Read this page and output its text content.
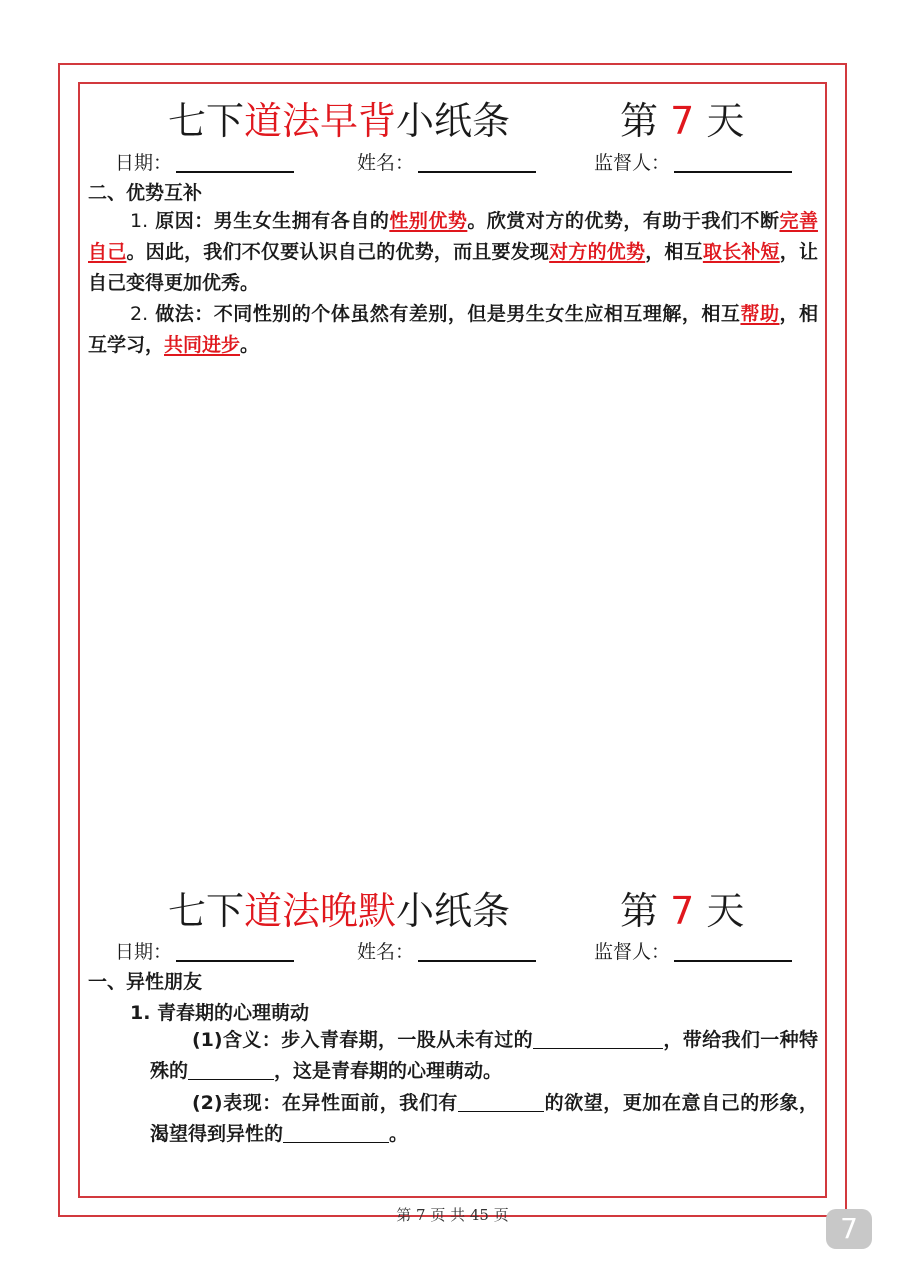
七下道法早背小纸条	第 7 天
日期：	姓名：	监督人：
二、优势互补
1. 原因：男生女生拥有各自的性别优势。欣赏对方的优势，有助于我们不断完善自己。因此，我们不仅要认识自己的优势，而且要发现对方的优势，相互取长补短，让自己变得更加优秀。
2. 做法：不同性别的个体虽然有差别，但是男生女生应相互理解，相互帮助，相互学习，共同进步。
七下道法晚默小纸条	第 7 天
日期：	姓名：	监督人：
一、异性朋友
1. 青春期的心理萌动
(1)含义：步入青春期，一股从未有过的	，带给我们一种特殊的	，这是青春期的心理萌动。
(2)表现：在异性面前，我们有	的欲望，更加在意自己的形象，渴望得到异性的	。
第 7 页 共 45 页	7
